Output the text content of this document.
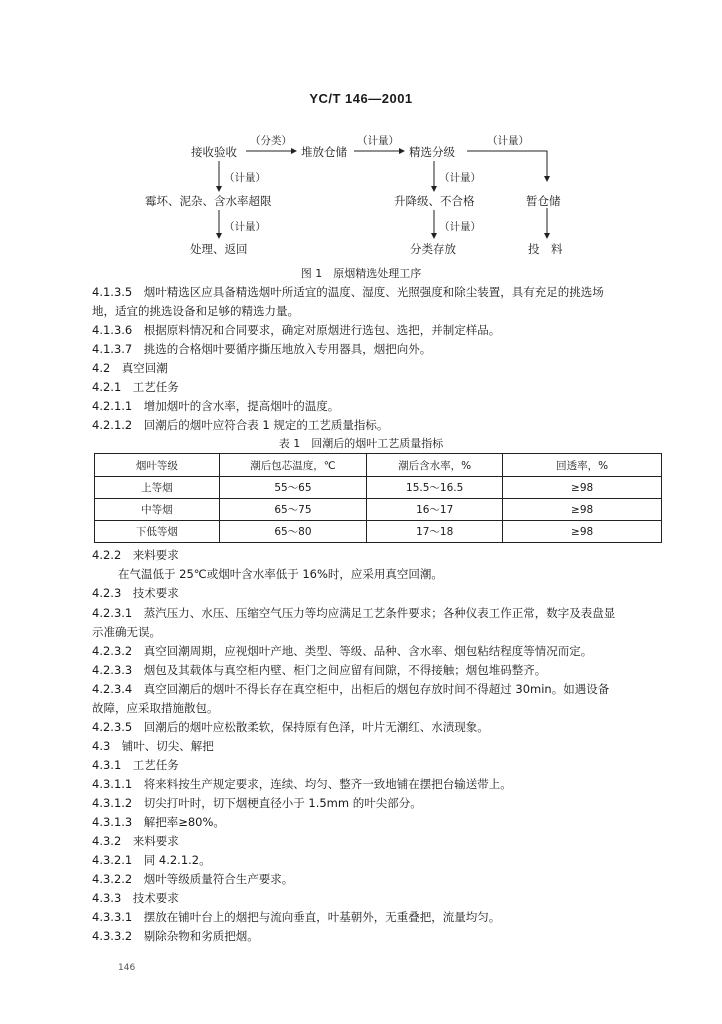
YC/T 146—2001
接收验收
（分类）
堆放仓储
（计量）
精选分级
（计量）
（计量）	（计量）
霉坏、泥杂、含水率超限	升降级、不合格	暂仓储
（计量）	（计量）
处理、返回	分类存放	投　料
图 1　原烟精选处理工序
4.1.3.5　烟叶精选区应具备精选烟叶所适宜的温度、湿度、光照强度和除尘装置，具有充足的挑选场
地，适宜的挑选设备和足够的精选力量。
4.1.3.6　根据原料情况和合同要求，确定对原烟进行选包、选把，并制定样品。
4.1.3.7　挑选的合格烟叶要循序撕压地放入专用器具，烟把向外。
4.2　真空回潮
4.2.1　工艺任务
4.2.1.1　增加烟叶的含水率，提高烟叶的温度。
4.2.1.2　回潮后的烟叶应符合表 1 规定的工艺质量指标。
表 1　回潮后的烟叶工艺质量指标
烟叶等级	潮后包芯温度，℃	潮后含水率，%	回透率，%
上等烟	55～65	15.5～16.5	≥98
中等烟	65～75	16～17	≥98
下低等烟	65～80	17～18	≥98
4.2.2　来料要求
在气温低于 25℃或烟叶含水率低于 16%时，应采用真空回潮。
4.2.3　技术要求
4.2.3.1　蒸汽压力、水压、压缩空气压力等均应满足工艺条件要求；各种仪表工作正常，数字及表盘显
示准确无误。
4.2.3.2　真空回潮周期，应视烟叶产地、类型、等级、品种、含水率、烟包粘结程度等情况而定。
4.2.3.3　烟包及其载体与真空柜内壁、柜门之间应留有间隙，不得接触；烟包堆码整齐。
4.2.3.4　真空回潮后的烟叶不得长存在真空柜中，出柜后的烟包存放时间不得超过 30min。如遇设备
故障，应采取措施散包。
4.2.3.5　回潮后的烟叶应松散柔软，保持原有色泽，叶片无潮红、水渍现象。
4.3　铺叶、切尖、解把
4.3.1　工艺任务
4.3.1.1　将来料按生产规定要求，连续、均匀、整齐一致地铺在摆把台输送带上。
4.3.1.2　切尖打叶时，切下烟梗直径小于 1.5mm 的叶尖部分。
4.3.1.3　解把率≥80%。
4.3.2　来料要求
4.3.2.1　同 4.2.1.2。
4.3.2.2　烟叶等级质量符合生产要求。
4.3.3　技术要求
4.3.3.1　摆放在铺叶台上的烟把与流向垂直，叶基朝外，无重叠把，流量均匀。
4.3.3.2　剔除杂物和劣质把烟。
146
